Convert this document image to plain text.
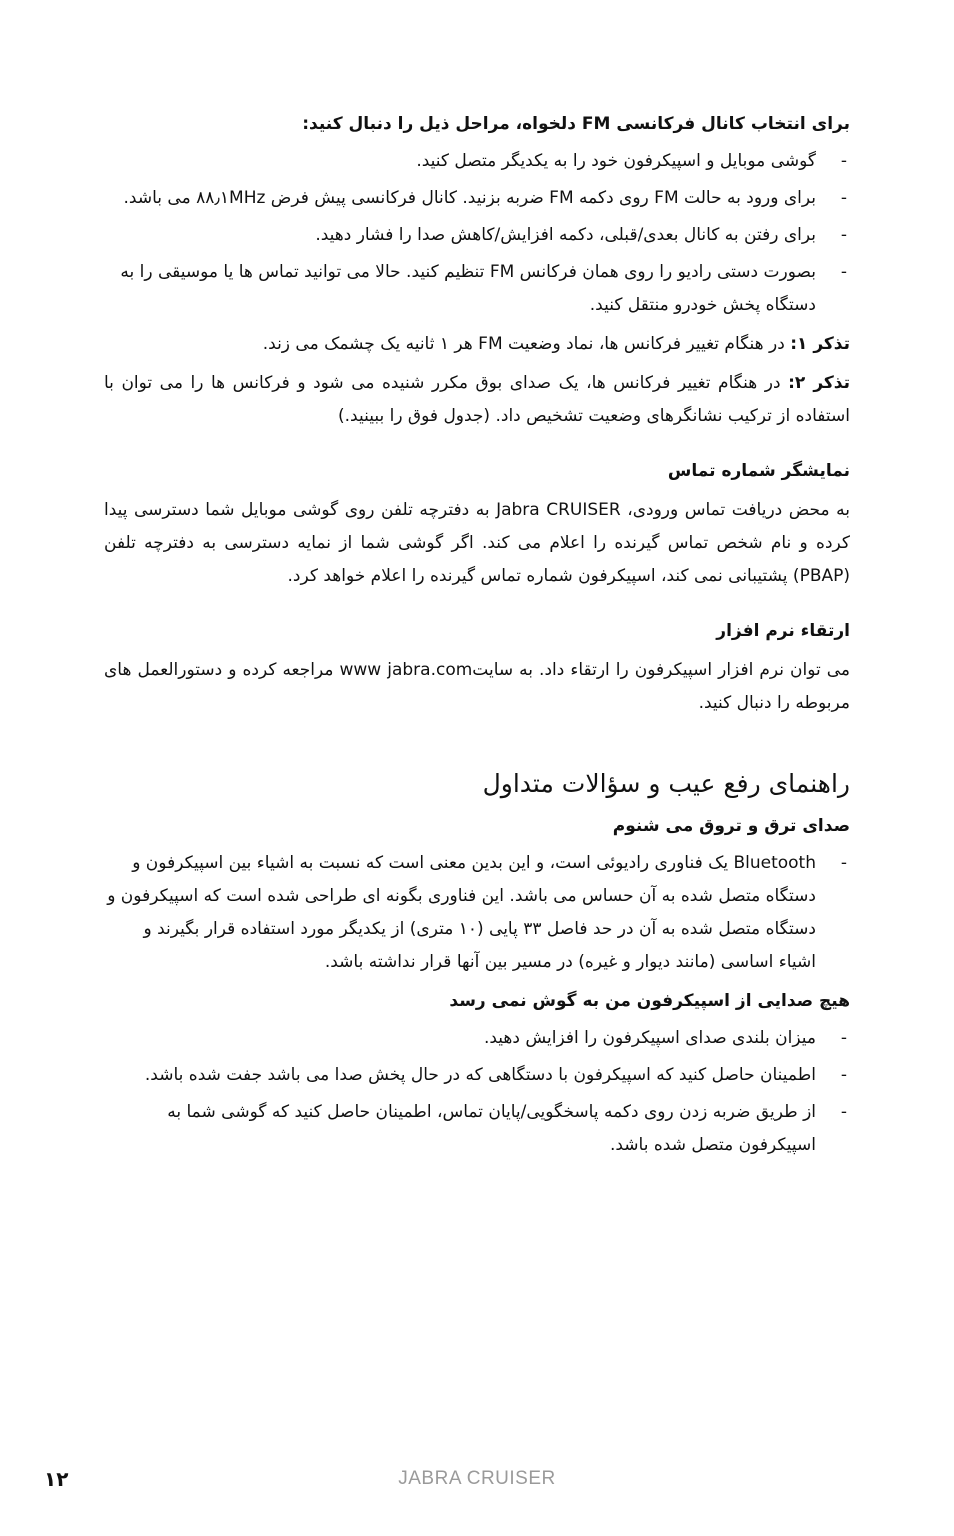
برای انتخاب کانال فرکانسی FM دلخواه، مراحل ذیل را دنبال کنید:

-
گوشی موبایل و اسپیکرفون خود را به یکدیگر متصل کنید.
-
برای ورود به حالت FM روی دکمه FM ضربه بزنید. کانال فرکانسی پیش فرض ۸۸٫۱MHz می باشد.
-
برای رفتن به کانال بعدی/قبلی، دکمه افزایش/کاهش صدا را فشار دهید.
-
بصورت دستی رادیو را روی همان فرکانس FM تنظیم کنید. حالا می توانید تماس ها یا موسیقی را به دستگاه پخش خودرو منتقل کنید.

تذکر ۱: در هنگام تغییر فرکانس ها، نماد وضعیت FM هر ۱ ثانیه یک چشمک می زند.

تذکر ۲: در هنگام تغییر فرکانس ها، یک صدای بوق مکرر شنیده می شود و فرکانس ها را می توان با استفاده از ترکیب نشانگرهای وضعیت تشخیص داد. (جدول فوق را ببینید.)

نمایشگر شماره تماس

به محض دریافت تماس ورودی، Jabra CRUISER به دفترچه تلفن روی گوشی موبایل شما دسترسی پیدا کرده و نام شخص تماس گیرنده را اعلام می کند. اگر گوشی شما از نمایه دسترسی به دفترچه تلفن (PBAP) پشتیبانی نمی کند، اسپیکرفون شماره تماس گیرنده را اعلام خواهد کرد.

ارتقاء نرم افزار

می توان نرم افزار اسپیکرفون را ارتقاء داد. به سایتwww jabra.com مراجعه کرده و دستورالعمل های مربوطه را دنبال کنید.

راهنمای رفع عیب و سؤالات متداول
صدای ترق و تروق می شنوم
-
Bluetooth یک فناوری رادیوئی است، و این بدین معنی است که نسبت به اشیاء بین اسپیکرفون و دستگاه متصل شده به آن حساس می باشد. این فناوری بگونه ای طراحی شده است که اسپیکرفون و دستگاه متصل شده به آن در حد فاصل ۳۳ پایی (۱۰ متری) از یکدیگر مورد استفاده قرار بگیرند و اشیاء اساسی (مانند دیوار و غیره) در مسیر بین آنها قرار نداشته باشد.
هیچ صدایی از اسپیکرفون من به گوش نمی رسد
-
میزان بلندی صدای اسپیکرفون را افزایش دهید.
-
اطمینان حاصل کنید که اسپیکرفون با دستگاهی که در حال پخش صدا می باشد جفت شده باشد.
-
از طریق ضربه زدن روی دکمه پاسخگویی/پایان تماس، اطمینان حاصل کنید که گوشی شما به اسپیکرفون متصل شده باشد.
۱۲	JABRA CRUISER
